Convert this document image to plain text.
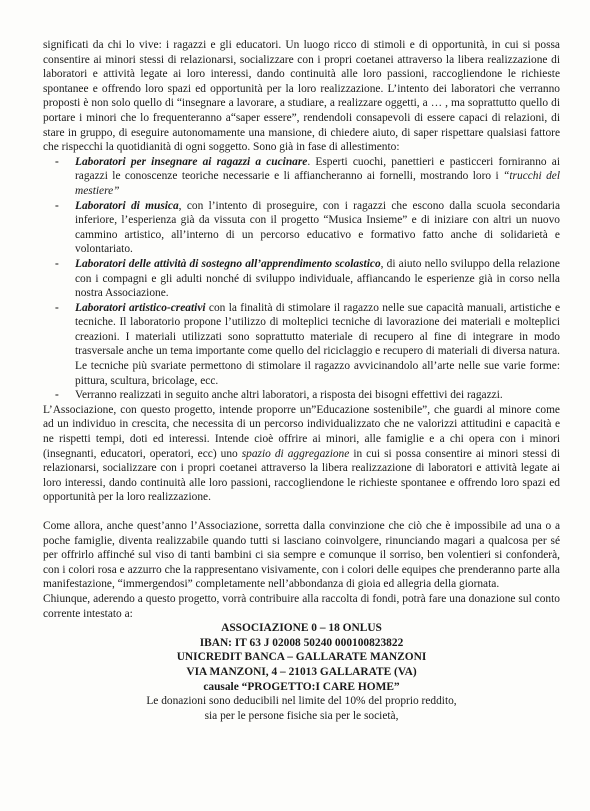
significati da chi lo vive: i ragazzi e gli educatori. Un luogo ricco di stimoli e di opportunità, in cui si possa consentire ai minori stessi di relazionarsi, socializzare con i propri coetanei attraverso la libera realizzazione di laboratori e attività legate ai loro interessi, dando continuità alle loro passioni, raccogliendone le richieste spontanee e offrendo loro spazi ed opportunità per la loro realizzazione. L’intento dei laboratori che verranno proposti è non solo quello di “insegnare a lavorare, a studiare, a realizzare oggetti, a … , ma soprattutto quello di portare i minori che lo frequenteranno a“saper essere”, rendendoli consapevoli di essere capaci di relazioni, di stare in gruppo, di eseguire autonomamente una mansione, di chiedere aiuto, di saper rispettare qualsiasi fattore che rispecchi la quotidianità di ogni soggetto. Sono già in fase di allestimento:

- Laboratori per insegnare ai ragazzi a cucinare. Esperti cuochi, panettieri e pasticceri forniranno ai ragazzi le conoscenze teoriche necessarie e li affiancheranno ai fornelli, mostrando loro i “trucchi del mestiere”
- Laboratori di musica, con l’intento di proseguire, con i ragazzi che escono dalla scuola secondaria inferiore, l’esperienza già da vissuta con il progetto “Musica Insieme” e di iniziare con altri un nuovo cammino artistico, all’interno di un percorso educativo e formativo fatto anche di solidarietà e volontariato.
- Laboratori delle attività di sostegno all’apprendimento scolastico, di aiuto nello sviluppo della relazione con i compagni e gli adulti nonché di sviluppo individuale, affiancando le esperienze già in corso nella nostra Associazione.
- Laboratori artistico-creativi con la finalità di stimolare il ragazzo nelle sue capacità manuali, artistiche e tecniche. Il laboratorio propone l’utilizzo di molteplici tecniche di lavorazione dei materiali e molteplici creazioni. I materiali utilizzati sono soprattutto materiale di recupero al fine di integrare in modo trasversale anche un tema importante come quello del riciclaggio e recupero di materiali di diversa natura. Le tecniche più svariate permettono di stimolare il ragazzo avvicinandolo all’arte nelle sue varie forme: pittura, scultura, bricolage, ecc.
- Verranno realizzati in seguito anche altri laboratori, a risposta dei bisogni effettivi dei ragazzi.

L’Associazione, con questo progetto, intende proporre un”Educazione sostenibile”, che guardi al minore come ad un individuo in crescita, che necessita di un percorso individualizzato che ne valorizzi attitudini e capacità e ne rispetti tempi, doti ed interessi. Intende cioè offrire ai minori, alle famiglie e a chi opera con i minori (insegnanti, educatori, operatori, ecc) uno spazio di aggregazione in cui si possa consentire ai minori stessi di relazionarsi, socializzare con i propri coetanei attraverso la libera realizzazione di laboratori e attività legate ai loro interessi, dando continuità alle loro passioni, raccogliendone le richieste spontanee e offrendo loro spazi ed opportunità per la loro realizzazione.

Come allora, anche quest’anno l’Associazione, sorretta dalla convinzione che ciò che è impossibile ad una o a poche famiglie, diventa realizzabile quando tutti si lasciano coinvolgere, rinunciando magari a qualcosa per sé per offrirlo affinché sul viso di tanti bambini ci sia sempre e comunque il sorriso, ben volentieri si confonderà, con i colori rosa e azzurro che la rappresentano visivamente, con i colori delle equipes che prenderanno parte alla manifestazione, “immergendosi” completamente nell’abbondanza di gioia ed allegria della giornata.

Chiunque, aderendo a questo progetto, vorrà contribuire alla raccolta di fondi, potrà fare una donazione sul conto corrente intestato a:

ASSOCIAZIONE 0 – 18 ONLUS

IBAN: IT 63 J 02008 50240 000100823822

UNICREDIT BANCA – GALLARATE MANZONI

VIA MANZONI, 4 – 21013 GALLARATE (VA)

causale “PROGETTO:I CARE HOME”

Le donazioni sono deducibili nel limite del 10% del proprio reddito,

sia per le persone fisiche sia per le società,
